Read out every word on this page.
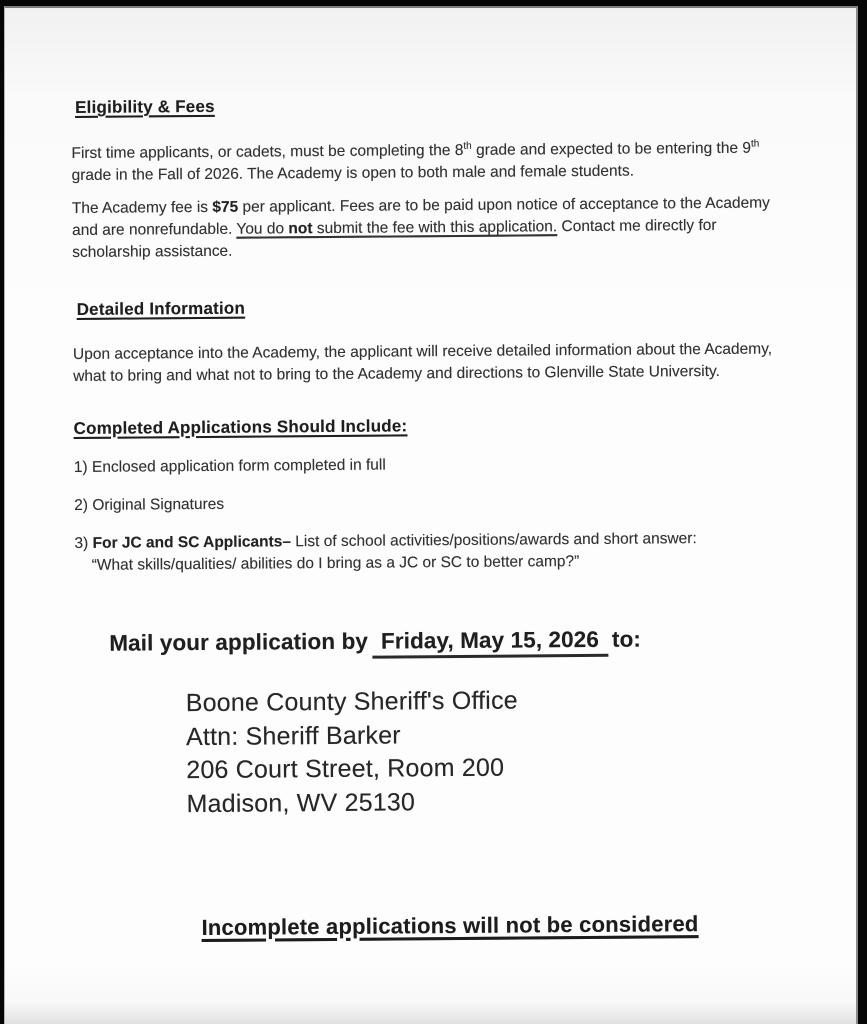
Eligibility & Fees
First time applicants, or cadets, must be completing the 8th grade and expected to be entering the 9th
grade in the Fall of 2026. The Academy is open to both male and female students.
The Academy fee is $75 per applicant. Fees are to be paid upon notice of acceptance to the Academy
and are nonrefundable. You do not submit the fee with this application. Contact me directly for
scholarship assistance.
Detailed Information
Upon acceptance into the Academy, the applicant will receive detailed information about the Academy,
what to bring and what not to bring to the Academy and directions to Glenville State University.
Completed Applications Should Include:
1) Enclosed application form completed in full
2) Original Signatures
3) For JC and SC Applicants– List of school activities/positions/awards and short answer:
“What skills/qualities/ abilities do I bring as a JC or SC to better camp?”
Mail your application by Friday, May 15, 2026 to:
Boone County Sheriff's Office
Attn: Sheriff Barker
206 Court Street, Room 200
Madison, WV 25130
Incomplete applications will not be considered
